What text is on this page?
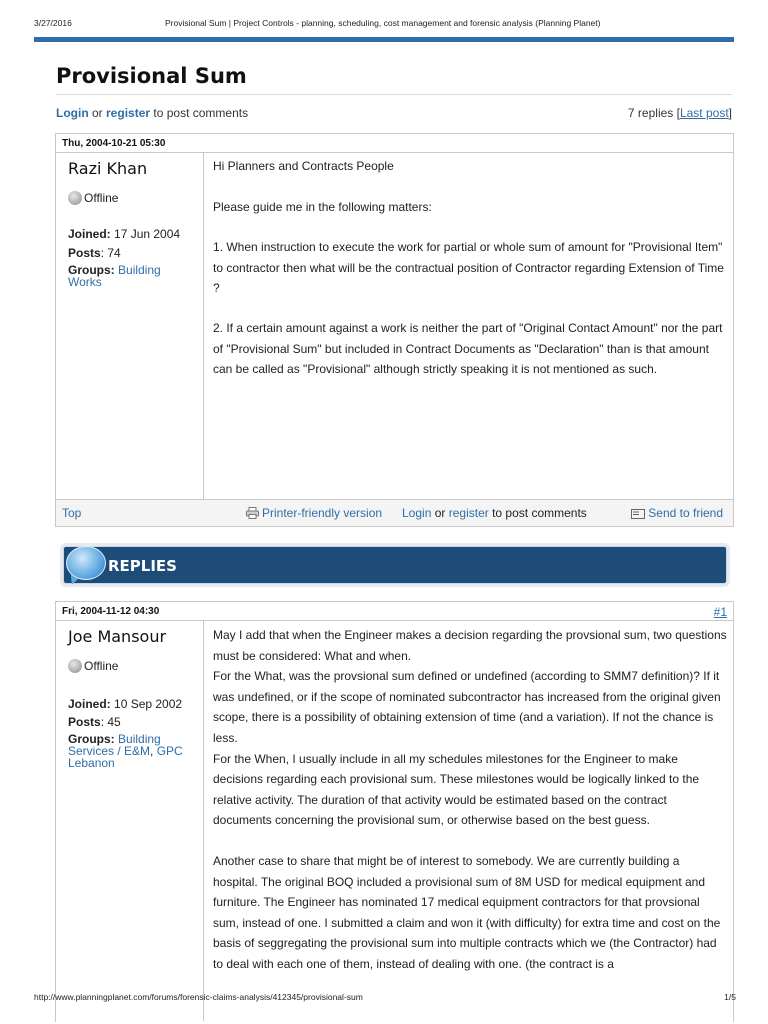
3/27/2016	Provisional Sum | Project Controls - planning, scheduling, cost management and forensic analysis (Planning Planet)
Provisional Sum
Login or register to post comments	7 replies [Last post]
Thu, 2004-10-21 05:30
Razi Khan
Offline
Joined: 17 Jun 2004
Posts: 74
Groups: Building Works

Hi Planners and Contracts People

Please guide me in the following matters:

1. When instruction to execute the work for partial or whole sum of amount for "Provisional Item" to contractor then what will be the contractual position of Contractor regarding Extension of Time ?

2. If a certain amount against a work is neither the part of "Original Contact Amount" nor the part of "Provisional Sum" but included in Contract Documents as "Declaration" than is that amount can be called as "Provisional" although strictly speaking it is not mentioned as such.

Top	Printer-friendly version Login or register to post comments	Send to friend
REPLIES
Fri, 2004-11-12 04:30	#1
Joe Mansour
Offline
Joined: 10 Sep 2002
Posts: 45
Groups: Building Services / E&M, GPC Lebanon

May I add that when the Engineer makes a decision regarding the provsional sum, two questions must be considered: What and when.

For the What, was the provsional sum defined or undefined (according to SMM7 definition)? If it was undefined, or if the scope of nominated subcontractor has increased from the original given scope, there is a possibility of obtaining extension of time (and a variation). If not the chance is less.

For the When, I usually include in all my schedules milestones for the Engineer to make decisions regarding each provisional sum. These milestones would be logically linked to the relative activity. The duration of that activity would be estimated based on the contract documents concerning the provisional sum, or otherwise based on the best guess.

Another case to share that might be of interest to somebody. We are currently building a hospital. The original BOQ included a provisional sum of 8M USD for medical equipment and furniture. The Engineer has nominated 17 medical equipment contractors for that provsional sum, instead of one. I submitted a claim and won it (with difficulty) for extra time and cost on the basis of seggregating the provisional sum into multiple contracts which we (the Contractor) had to deal with each one of them, instead of dealing with one. (the contract is a

http://www.planningplanet.com/forums/forensic-claims-analysis/412345/provisional-sum	1/5
